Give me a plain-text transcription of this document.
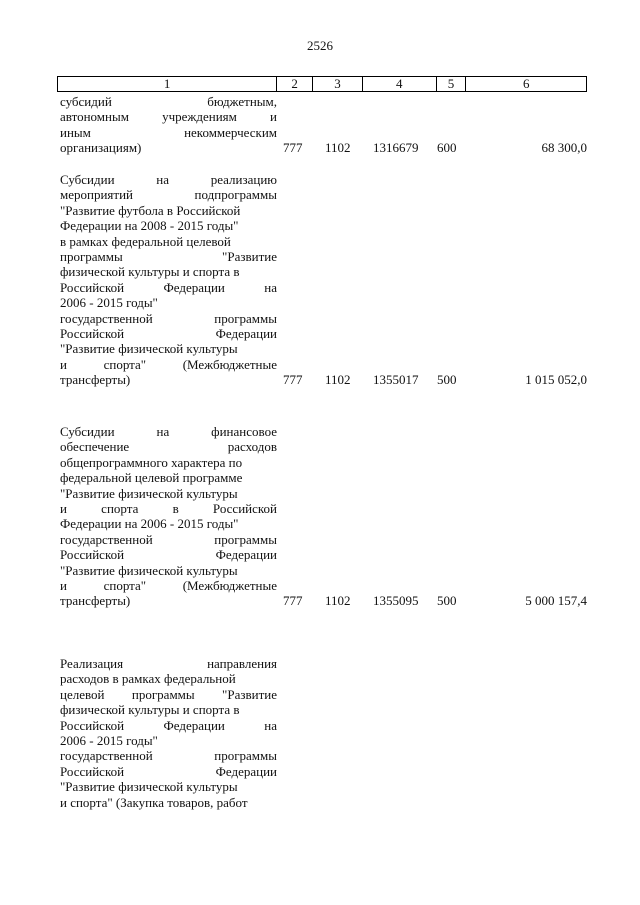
2526
1	2	3	4	5	6
субсидий бюджетным,
автономным учреждениям и
иным некоммерческим
организациям)	777 1102 1316679 600	68 300,0
Субсидии на реализацию
мероприятий подпрограммы
"Развитие футбола в Российской
Федерации на 2008 - 2015 годы"
в рамках федеральной целевой
программы "Развитие
физической культуры и спорта в
Российской Федерации на
2006 - 2015 годы"
государственной программы
Российской Федерации
"Развитие физической культуры
и спорта" (Межбюджетные
трансферты)	777 1102 1355017 500	1 015 052,0
Субсидии на финансовое
обеспечение расходов
общепрограммного характера по
федеральной целевой программе
"Развитие физической культуры
и спорта в Российской
Федерации на 2006 - 2015 годы"
государственной программы
Российской Федерации
"Развитие физической культуры
и спорта" (Межбюджетные
трансферты)	777 1102 1355095 500	5 000 157,4
Реализация направления
расходов в рамках федеральной
целевой программы "Развитие
физической культуры и спорта в
Российской Федерации на
2006 - 2015 годы"
государственной программы
Российской Федерации
"Развитие физической культуры
и спорта" (Закупка товаров, работ
